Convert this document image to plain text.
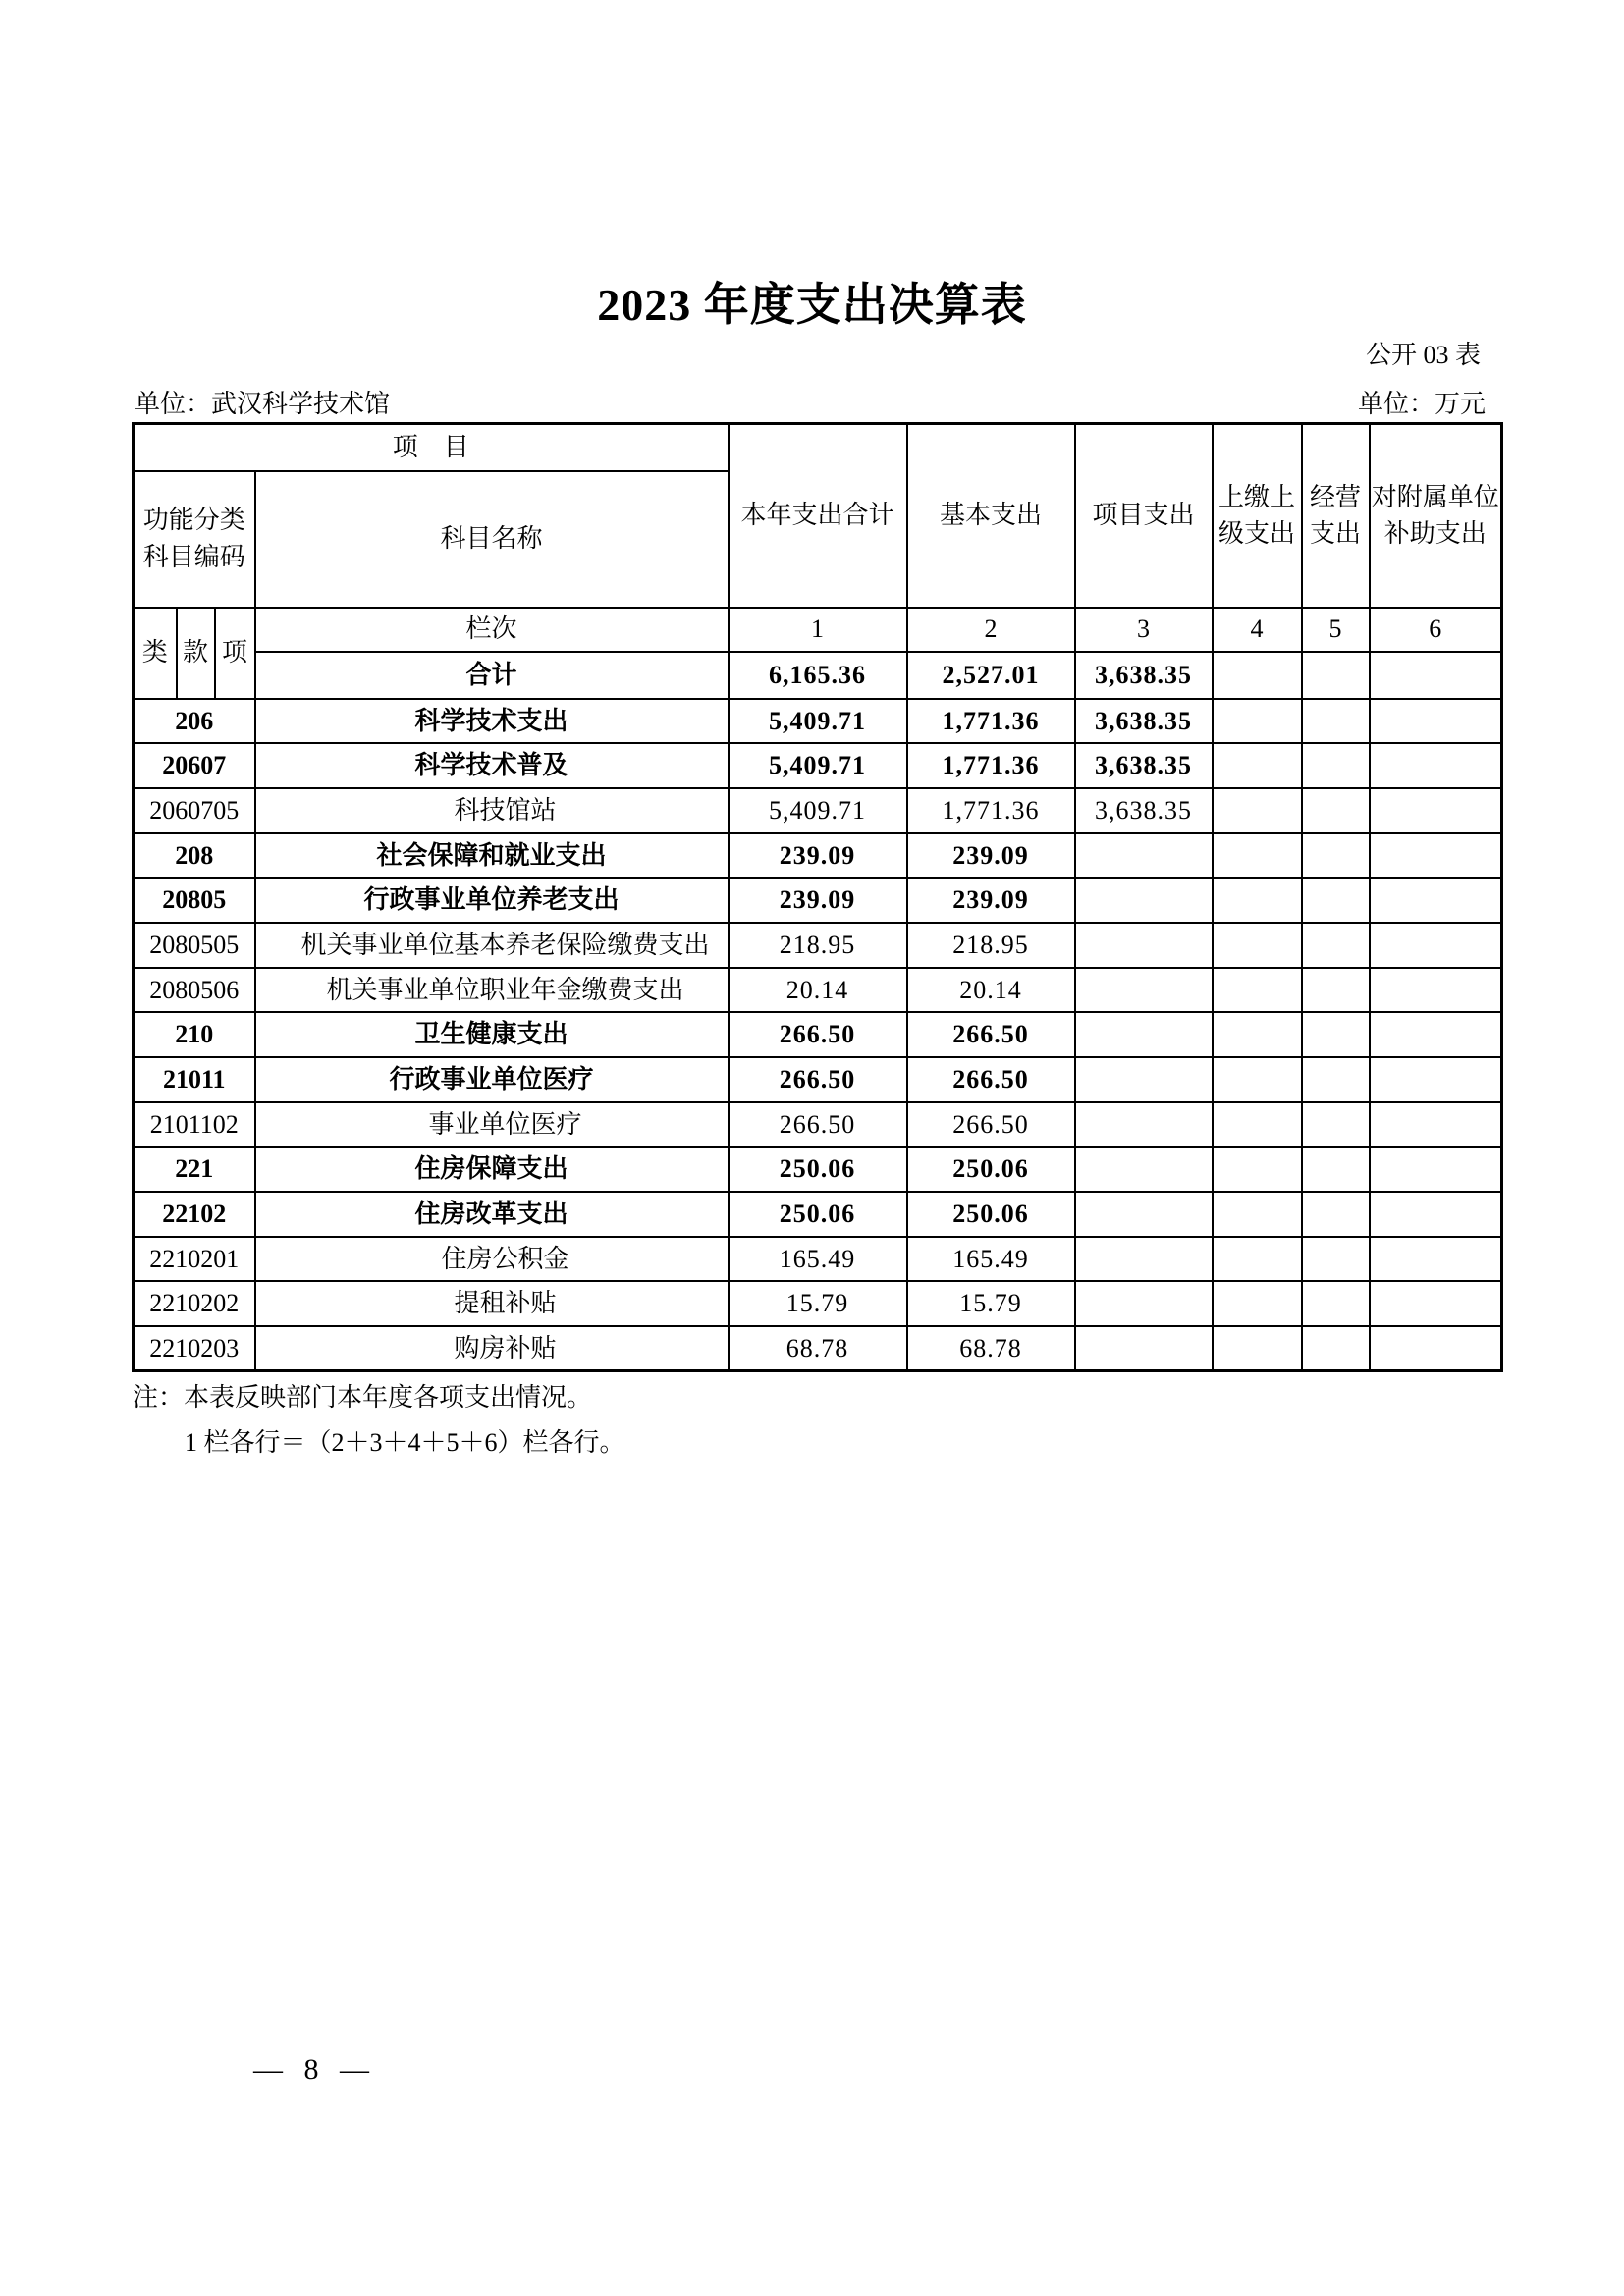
2023 年度支出决算表
公开 03 表
单位：武汉科学技术馆	单位：万元
项　目				本年支出合计	基本支出	项目支出	上缴上级支出	经营支出	对附属单位补助支出
功能分类科目编码			科目名称						
类	款	项	栏次	1	2	3	4	5	6
			合计	6,165.36	2,527.01	3,638.35			
206			科学技术支出	5,409.71	1,771.36	3,638.35			
20607			科学技术普及	5,409.71	1,771.36	3,638.35			
2060705			科技馆站	5,409.71	1,771.36	3,638.35			
208			社会保障和就业支出	239.09	239.09				
20805			行政事业单位养老支出	239.09	239.09				
2080505			机关事业单位基本养老保险缴费支出	218.95	218.95				
2080506			机关事业单位职业年金缴费支出	20.14	20.14				
210			卫生健康支出	266.50	266.50				
21011			行政事业单位医疗	266.50	266.50				
2101102			事业单位医疗	266.50	266.50				
221			住房保障支出	250.06	250.06				
22102			住房改革支出	250.06	250.06				
2210201			住房公积金	165.49	165.49				
2210202			提租补贴	15.79	15.79				
2210203			购房补贴	68.78	68.78				
注：本表反映部门本年度各项支出情况。
1 栏各行＝（2＋3＋4＋5＋6）栏各行。
— 8 —
